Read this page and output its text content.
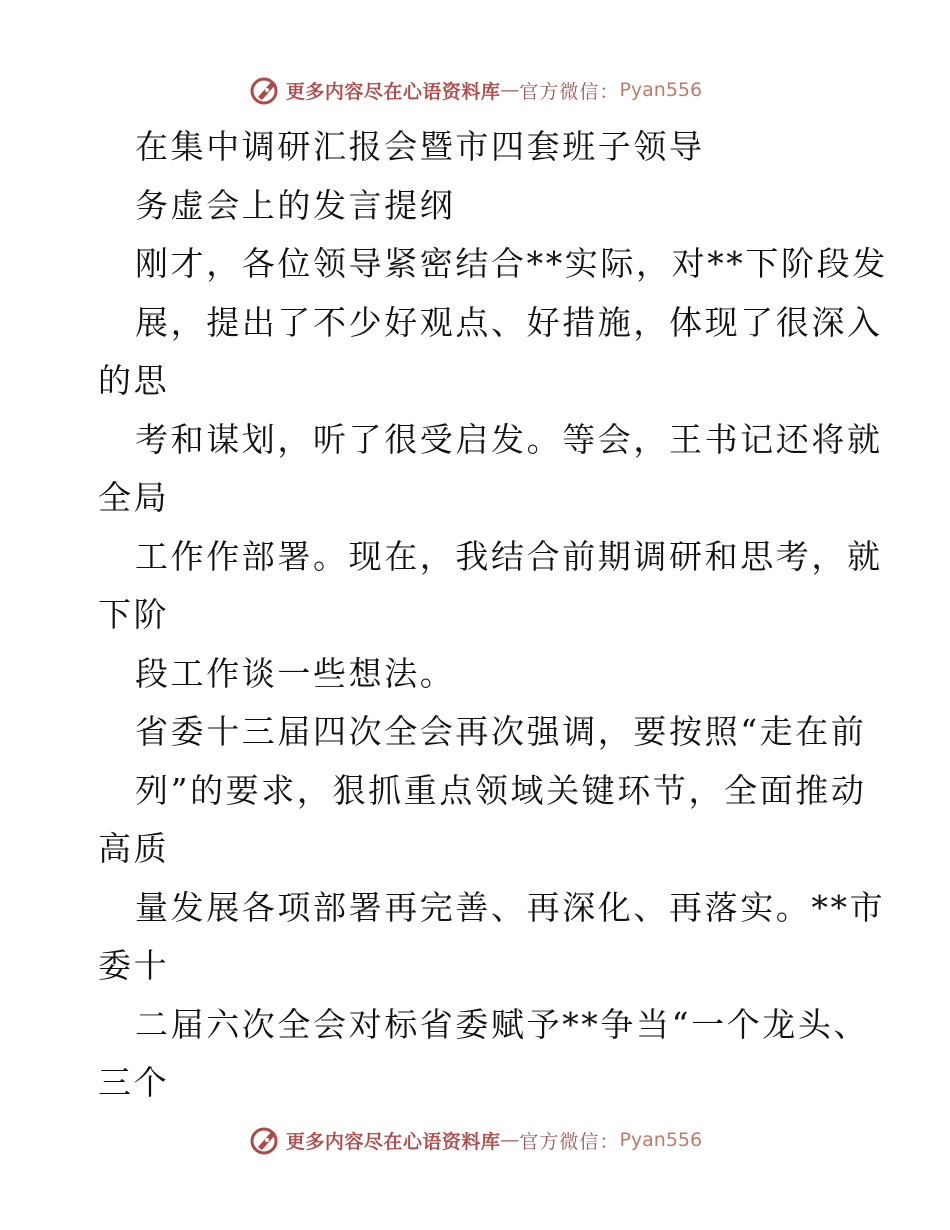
更多内容尽在心语资料库 — 官方微信： Pyan556
在集中调研汇报会暨市四套班子领导
务虚会上的发言提纲
刚才，各位领导紧密结合**实际，对**下阶段发
展，提出了不少好观点、好措施，体现了很深入
的思
考和谋划，听了很受启发。等会，王书记还将就
全局
工作作部署。现在，我结合前期调研和思考，就
下阶
段工作谈一些想法。
省委十三届四次全会再次强调，要按照“走在前
列”的要求，狠抓重点领域关键环节，全面推动
高质
量发展各项部署再完善、再深化、再落实。**市
委十
二届六次全会对标省委赋予**争当“一个龙头、
三个
更多内容尽在心语资料库 — 官方微信： Pyan556
